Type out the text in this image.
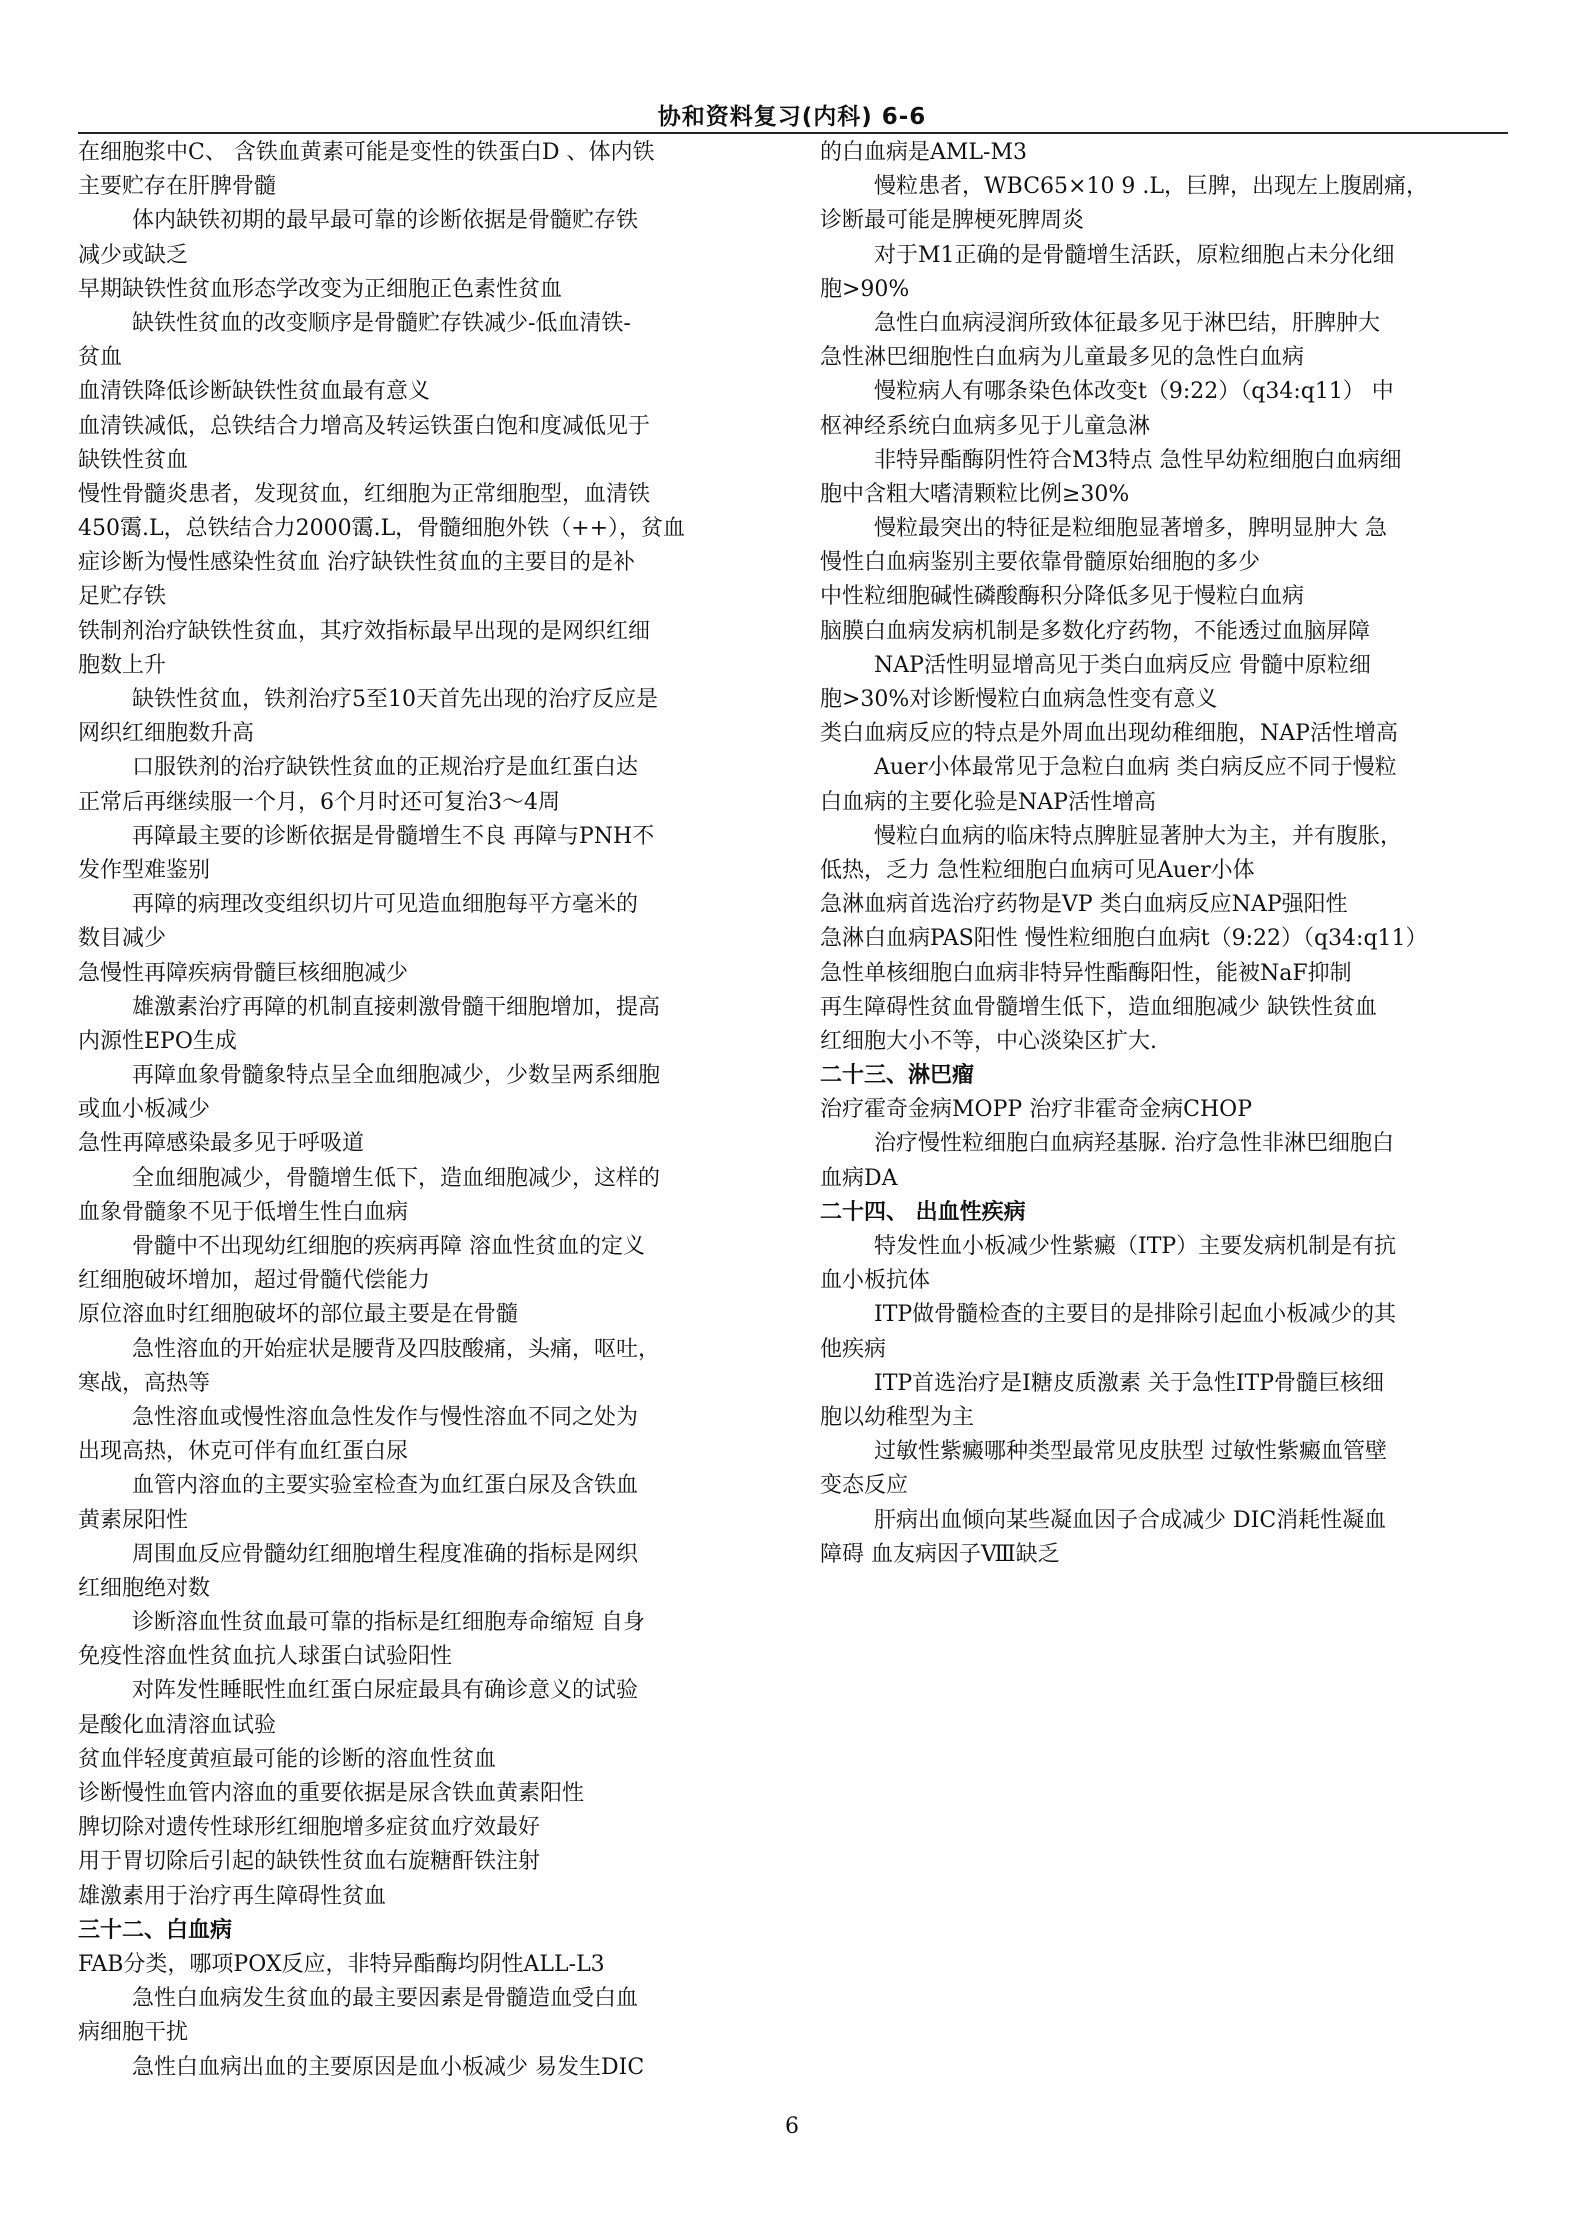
协和资料复习(内科) 6-6
在细胞浆中C、 含铁血黄素可能是变性的铁蛋白D 、体内铁
主要贮存在肝脾骨髓
体内缺铁初期的最早最可靠的诊断依据是骨髓贮存铁
减少或缺乏
早期缺铁性贫血形态学改变为正细胞正色素性贫血
缺铁性贫血的改变顺序是骨髓贮存铁减少-低血清铁-
贫血
血清铁降低诊断缺铁性贫血最有意义
血清铁减低，总铁结合力增高及转运铁蛋白饱和度减低见于
缺铁性贫血
慢性骨髓炎患者，发现贫血，红细胞为正常细胞型，血清铁
450霭.L，总铁结合力2000霭.L，骨髓细胞外铁（++），贫血
症诊断为慢性感染性贫血 治疗缺铁性贫血的主要目的是补
足贮存铁
铁制剂治疗缺铁性贫血，其疗效指标最早出现的是网织红细
胞数上升
缺铁性贫血，铁剂治疗5至10天首先出现的治疗反应是
网织红细胞数升高
口服铁剂的治疗缺铁性贫血的正规治疗是血红蛋白达
正常后再继续服一个月，6个月时还可复治3～4周
再障最主要的诊断依据是骨髓增生不良 再障与PNH不
发作型难鉴别
再障的病理改变组织切片可见造血细胞每平方毫米的
数目减少
急慢性再障疾病骨髓巨核细胞减少
雄激素治疗再障的机制直接刺激骨髓干细胞增加，提高
内源性EPO生成
再障血象骨髓象特点呈全血细胞减少，少数呈两系细胞
或血小板减少
急性再障感染最多见于呼吸道
全血细胞减少，骨髓增生低下，造血细胞减少，这样的
血象骨髓象不见于低增生性白血病
骨髓中不出现幼红细胞的疾病再障 溶血性贫血的定义
红细胞破坏增加，超过骨髓代偿能力
原位溶血时红细胞破坏的部位最主要是在骨髓
急性溶血的开始症状是腰背及四肢酸痛，头痛，呕吐，
寒战，高热等
急性溶血或慢性溶血急性发作与慢性溶血不同之处为
出现高热，休克可伴有血红蛋白尿
血管内溶血的主要实验室检查为血红蛋白尿及含铁血
黄素尿阳性
周围血反应骨髓幼红细胞增生程度准确的指标是网织
红细胞绝对数
诊断溶血性贫血最可靠的指标是红细胞寿命缩短 自身
免疫性溶血性贫血抗人球蛋白试验阳性
对阵发性睡眠性血红蛋白尿症最具有确诊意义的试验
是酸化血清溶血试验
贫血伴轻度黄疸最可能的诊断的溶血性贫血
诊断慢性血管内溶血的重要依据是尿含铁血黄素阳性
脾切除对遗传性球形红细胞增多症贫血疗效最好
用于胃切除后引起的缺铁性贫血右旋糖酐铁注射
雄激素用于治疗再生障碍性贫血
三十二、白血病
FAB分类，哪项POX反应，非特异酯酶均阴性ALL-L3
急性白血病发生贫血的最主要因素是骨髓造血受白血
病细胞干扰
急性白血病出血的主要原因是血小板减少 易发生DIC
的白血病是AML-M3
慢粒患者，WBC65×10 9 .L，巨脾，出现左上腹剧痛，
诊断最可能是脾梗死脾周炎
对于M1正确的是骨髓增生活跃，原粒细胞占未分化细
胞>90%
急性白血病浸润所致体征最多见于淋巴结，肝脾肿大
急性淋巴细胞性白血病为儿童最多见的急性白血病
慢粒病人有哪条染色体改变t（9:22）（q34:q11） 中
枢神经系统白血病多见于儿童急淋
非特异酯酶阴性符合M3特点 急性早幼粒细胞白血病细
胞中含粗大嗜清颗粒比例≥30%
慢粒最突出的特征是粒细胞显著增多，脾明显肿大 急
慢性白血病鉴别主要依靠骨髓原始细胞的多少
中性粒细胞碱性磷酸酶积分降低多见于慢粒白血病
脑膜白血病发病机制是多数化疗药物，不能透过血脑屏障
NAP活性明显增高见于类白血病反应 骨髓中原粒细
胞>30%对诊断慢粒白血病急性变有意义
类白血病反应的特点是外周血出现幼稚细胞，NAP活性增高
Auer小体最常见于急粒白血病 类白病反应不同于慢粒
白血病的主要化验是NAP活性增高
慢粒白血病的临床特点脾脏显著肿大为主，并有腹胀，
低热，乏力 急性粒细胞白血病可见Auer小体
急淋血病首选治疗药物是VP 类白血病反应NAP强阳性
急淋白血病PAS阳性 慢性粒细胞白血病t（9:22）（q34:q11）
急性单核细胞白血病非特异性酯酶阳性，能被NaF抑制
再生障碍性贫血骨髓增生低下，造血细胞减少 缺铁性贫血
红细胞大小不等，中心淡染区扩大.
二十三、淋巴瘤
治疗霍奇金病MOPP 治疗非霍奇金病CHOP
治疗慢性粒细胞白血病羟基脲. 治疗急性非淋巴细胞白
血病DA
二十四、 出血性疾病
特发性血小板减少性紫癜（ITP）主要发病机制是有抗
血小板抗体
ITP做骨髓检查的主要目的是排除引起血小板减少的其
他疾病
ITP首选治疗是I糖皮质激素 关于急性ITP骨髓巨核细
胞以幼稚型为主
过敏性紫癜哪种类型最常见皮肤型 过敏性紫癜血管壁
变态反应
肝病出血倾向某些凝血因子合成减少 DIC消耗性凝血
障碍 血友病因子Ⅷ缺乏
6
